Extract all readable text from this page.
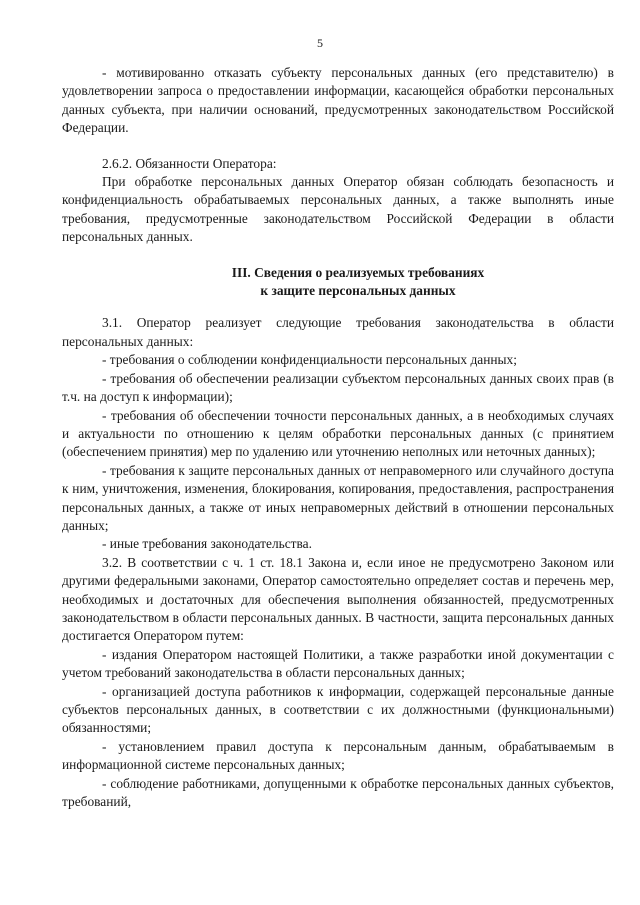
5

- мотивированно отказать субъекту персональных данных (его представителю) в удовлетворении запроса о предоставлении информации, касающейся обработки персональных данных субъекта, при наличии оснований, предусмотренных законодательством Российской Федерации.

2.6.2. Обязанности Оператора:

При обработке персональных данных Оператор обязан соблюдать безопасность и конфиденциальность обрабатываемых персональных данных, а также выполнять иные требования, предусмотренные законодательством Российской Федерации в области персональных данных.

III. Сведения о реализуемых требованиях

к защите персональных данных

3.1. Оператор реализует следующие требования законодательства в области персональных данных:

- требования о соблюдении конфиденциальности персональных данных;

- требования об обеспечении реализации субъектом персональных данных своих прав (в т.ч. на доступ к информации);

- требования об обеспечении точности персональных данных, а в необходимых случаях и актуальности по отношению к целям обработки персональных данных (с принятием (обеспечением принятия) мер по удалению или уточнению неполных или неточных данных);

- требования к защите персональных данных от неправомерного или случайного доступа к ним, уничтожения, изменения, блокирования, копирования, предоставления, распространения персональных данных, а также от иных неправомерных действий в отношении персональных данных;

- иные требования законодательства.

3.2. В соответствии с ч. 1 ст. 18.1 Закона и, если иное не предусмотрено Законом или другими федеральными законами, Оператор самостоятельно определяет состав и перечень мер, необходимых и достаточных для обеспечения выполнения обязанностей, предусмотренных законодательством в области персональных данных. В частности, защита персональных данных достигается Оператором путем:

- издания Оператором настоящей Политики, а также разработки иной документации с учетом требований законодательства в области персональных данных;

- организацией доступа работников к информации, содержащей персональные данные субъектов персональных данных, в соответствии с их должностными (функциональными) обязанностями;

- установлением правил доступа к персональным данным, обрабатываемым в информационной системе персональных данных;

- соблюдение работниками, допущенными к обработке персональных данных субъектов, требований,
